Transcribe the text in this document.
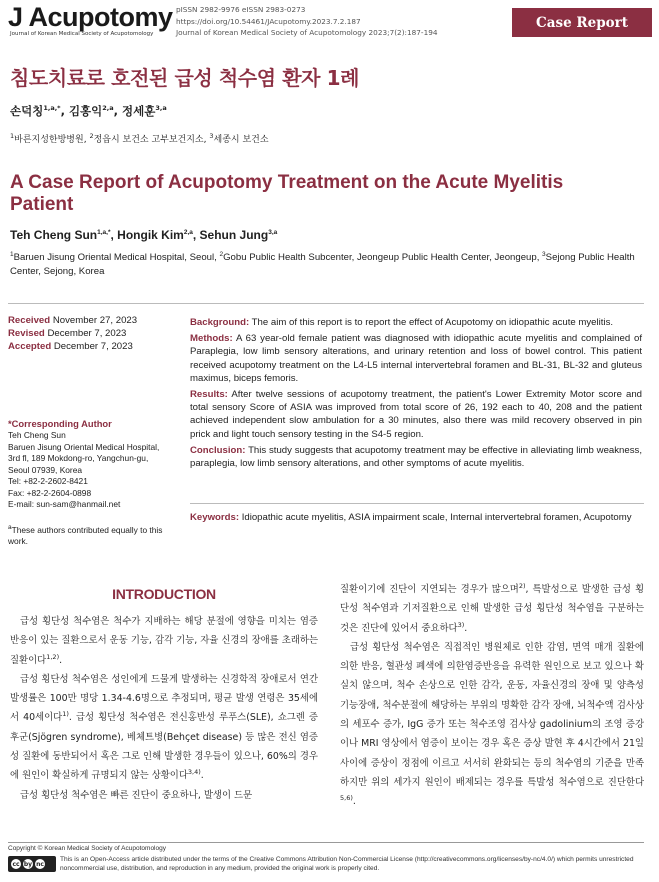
J Acupotomy
Journal of Korean Medical Society of Acupotomology
pISSN 2982-9976 eISSN 2983-0273
https://doi.org/10.54461/JAcupotomy.2023.7.2.187
Journal of Korean Medical Society of Acupotomology 2023;7(2):187-194
Case Report
침도치료로 호전된 급성 척수염 환자 1례
손덕칭$^{1,a,*}$, 김홍익$^{2,a}$, 정세훈$^{3,a}$
$^1$바른지성한방병원, $^2$정읍시 보건소 고부보건지소, $^3$세종시 보건소
A Case Report of Acupotomy Treatment on the Acute Myelitis Patient
Teh Cheng Sun$^{1,a,*}$, Hongik Kim$^{2,a}$, Sehun Jung$^{3,a}$
$^1$Baruen Jisung Oriental Medical Hospital, Seoul, $^2$Gobu Public Health Subcenter, Jeongeup Public Health Center, Jeongeup, $^3$Sejong Public Health Center, Sejong, Korea
Received November 27, 2023
Revised December 7, 2023
Accepted December 7, 2023
*Corresponding Author
Teh Cheng Sun
Baruen Jisung Oriental Medical Hospital,
3rd fl, 189 Mokdong-ro, Yangchun-gu,
Seoul 07939, Korea
Tel: +82-2-2602-8421
Fax: +82-2-2604-0898
E-mail: sun-sam@hanmail.net
$^a$These authors contributed equally to this work.

Background: The aim of this report is to report the effect of Acupotomy on idiopathic acute myelitis.

Methods: A 63 year-old female patient was diagnosed with idiopathic acute myelitis and complained of Paraplegia, low limb sensory alterations, and urinary retention and loss of bowel control. This patient received acupotomy treatment on the L4-L5 internal intervertebral foramen and BL-31, BL-32 and gluteus maximus, biceps femoris.

Results: After twelve sessions of acupotomy treatment, the patient's Lower Extremity Motor score and total sensory Score of ASIA was improved from total score of 26, 192 each to 40, 208 and the patient achieved independent slow ambulation for a 30 minutes, also there was mild recovery observed in pin prick and light touch sensory testing in the S4-5 region.

Conclusion: This study suggests that acupotomy treatment may be effective in alleviating limb weakness, paraplegia, low limb sensory alterations, and other symptoms of acute myelitis.

Keywords: Idiopathic acute myelitis, ASIA impairment scale, Internal intervertebral foramen, Acupotomy
INTRODUCTION

급성 횡단성 척수염은 척수가 지배하는 해당 분절에 영향을 미치는 염증 반응이 있는 질환으로서 운동 기능, 감각 기능, 자율 신경의 장애를 초래하는 질환이다$^{1,2)}$.

급성 횡단성 척수염은 성인에게 드물게 발생하는 신경학적 장애로서 연간 발생률은 100만 명당 1.34-4.6명으로 추정되며, 평균 발생 연령은 35세에서 40세이다$^{1)}$. 급성 횡단성 척수염은 전신홍반성 루푸스(SLE), 쇼그렌 증후군(Sjögren syndrome), 베체트병(Behçet disease) 등 많은 전신 염증성 질환에 동반되어서 혹은 그로 인해 발생한 경우들이 있으나, 60%의 경우에 원인이 확실하게 규명되지 않는 상황이다$^{3,4)}$.

급성 횡단성 척수염은 빠른 진단이 중요하나, 발생이 드문

질환이기에 진단이 지연되는 경우가 많으며$^{2)}$, 특발성으로 발생한 급성 횡단성 척수염과 기저질환으로 인해 발생한 급성 횡단성 척수염을 구분하는 것은 진단에 있어서 중요하다$^{3)}$.

급성 횡단성 척수염은 직접적인 병원체로 인한 감염, 면역 매개 질환에 의한 반응, 혈관성 폐색에 의한염증반응을 유력한 원인으로 보고 있으나 확실치 않으며, 척수 손상으로 인한 감각, 운동, 자율신경의 장애 및 양측성 기능장애, 척수분절에 해당하는 부위의 명확한 감각 장애, 뇌척수액 검사상의 세포수 증가, IgG 증가 또는 척수조영 검사상 gadolinium의 조영 증강이나 MRI 영상에서 염증이 보이는 경우 혹은 증상 발현 후 4시간에서 21일 사이에 증상이 정점에 이르고 서서히 완화되는 등의 척수염의 기준을 만족하지만 위의 세가지 원인이 배제되는 경우를 특발성 척수염으로 진단한다$^{5,6)}$.

Copyright © Korean Medical Society of Acupotomology
cc by nc
This is an Open-Access article distributed under the terms of the Creative Commons Attribution Non-Commercial License (http://creativecommons.org/licenses/by-nc/4.0/) which permits unrestricted noncommercial use, distribution, and reproduction in any medium, provided the original work is properly cited.
